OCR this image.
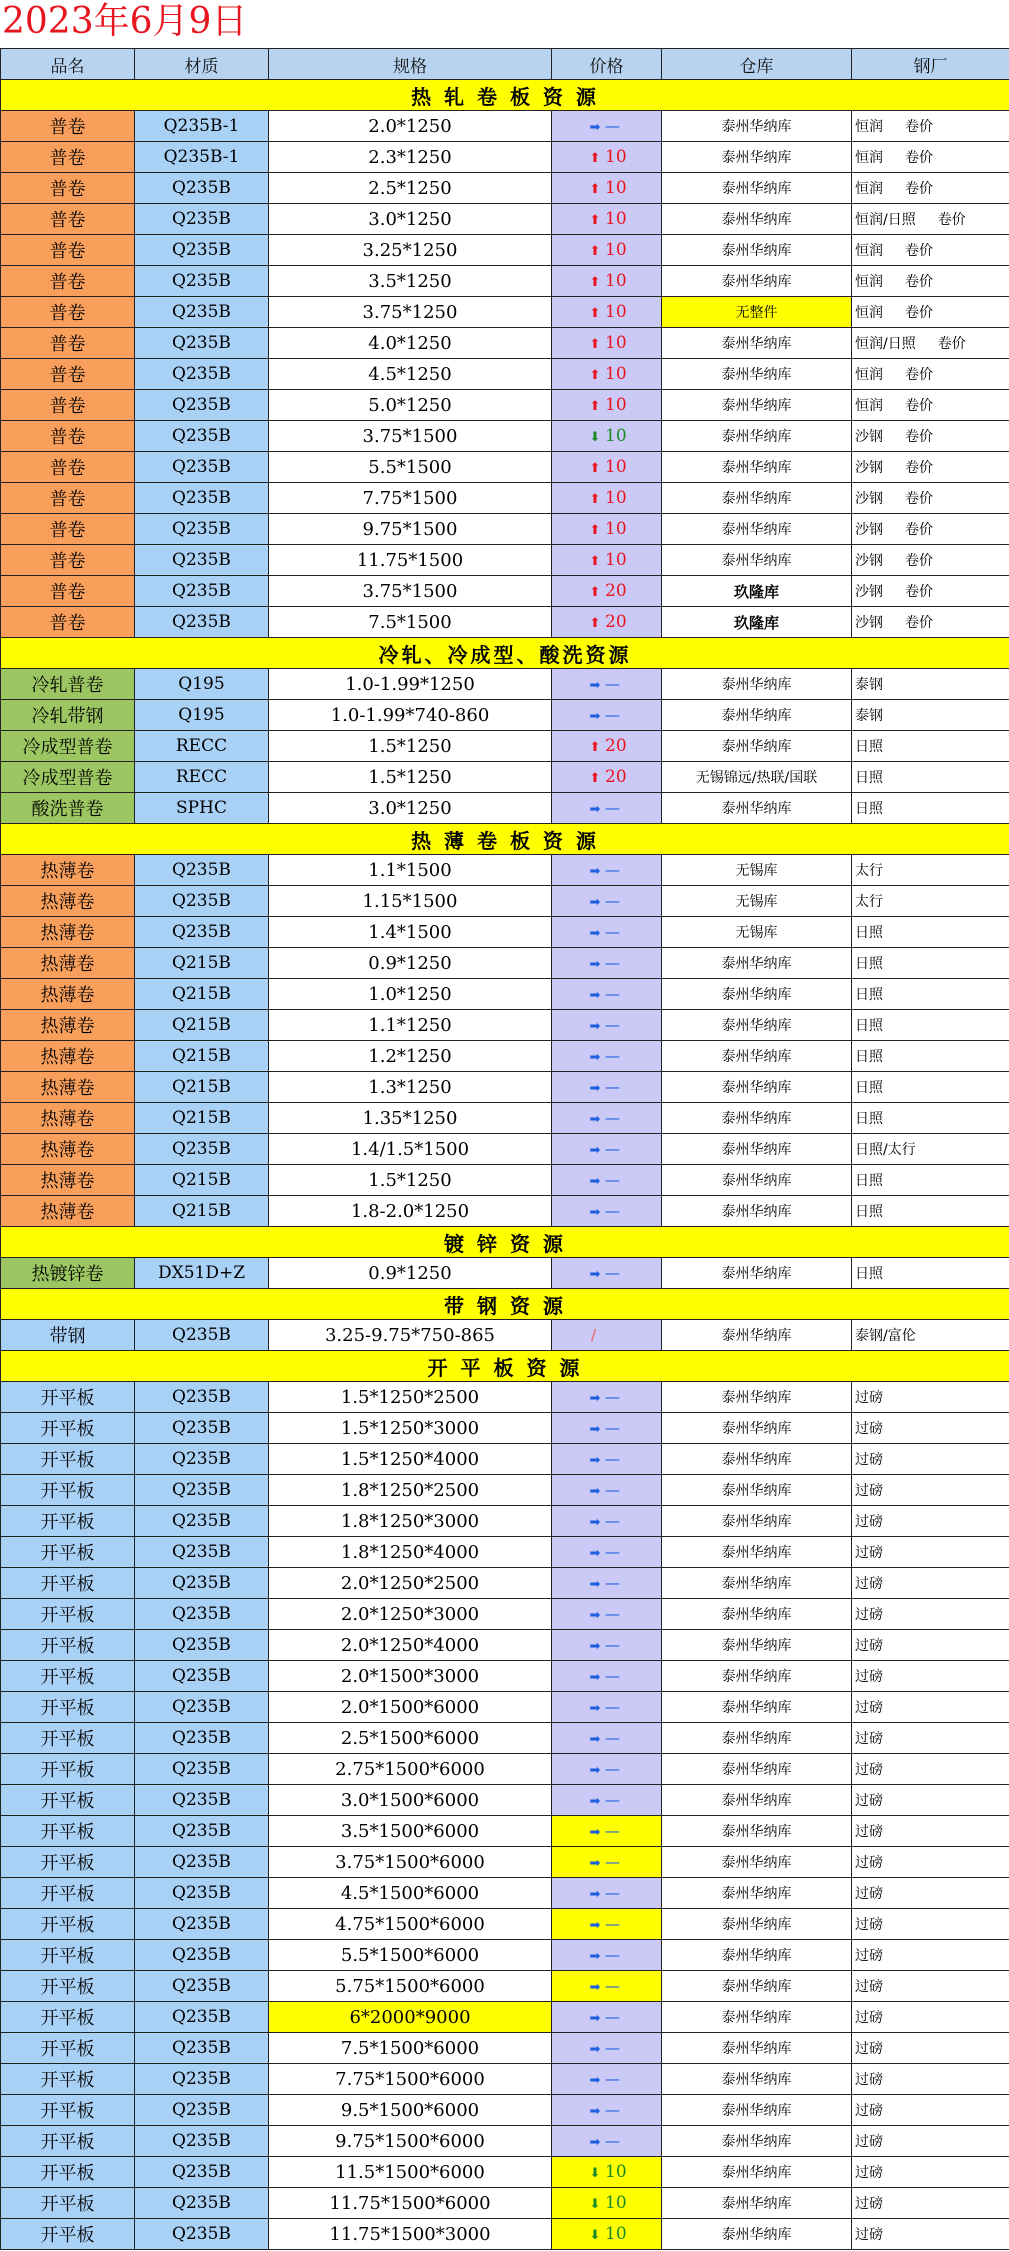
2023年6月9日
品名	材质	规格	价格	仓库	钢厂
热 轧 卷 板 资 源					
普卷	Q235B-1	2.0*1250	➡ —	泰州华纳库	恒润 卷价
普卷	Q235B-1	2.3*1250	⬆ 10	泰州华纳库	恒润 卷价
普卷	Q235B	2.5*1250	⬆ 10	泰州华纳库	恒润 卷价
普卷	Q235B	3.0*1250	⬆ 10	泰州华纳库	恒润/日照 卷价
普卷	Q235B	3.25*1250	⬆ 10	泰州华纳库	恒润 卷价
普卷	Q235B	3.5*1250	⬆ 10	泰州华纳库	恒润 卷价
普卷	Q235B	3.75*1250	⬆ 10	无整件	恒润 卷价
普卷	Q235B	4.0*1250	⬆ 10	泰州华纳库	恒润/日照 卷价
普卷	Q235B	4.5*1250	⬆ 10	泰州华纳库	恒润 卷价
普卷	Q235B	5.0*1250	⬆ 10	泰州华纳库	恒润 卷价
普卷	Q235B	3.75*1500	⬇ 10	泰州华纳库	沙钢 卷价
普卷	Q235B	5.5*1500	⬆ 10	泰州华纳库	沙钢 卷价
普卷	Q235B	7.75*1500	⬆ 10	泰州华纳库	沙钢 卷价
普卷	Q235B	9.75*1500	⬆ 10	泰州华纳库	沙钢 卷价
普卷	Q235B	11.75*1500	⬆ 10	泰州华纳库	沙钢 卷价
普卷	Q235B	3.75*1500	⬆ 20	玖隆库	沙钢 卷价
普卷	Q235B	7.5*1500	⬆ 20	玖隆库	沙钢 卷价
冷轧、冷成型、酸洗资源					
冷轧普卷	Q195	1.0-1.99*1250	➡ —	泰州华纳库	泰钢
冷轧带钢	Q195	1.0-1.99*740-860	➡ —	泰州华纳库	泰钢
冷成型普卷	RECC	1.5*1250	⬆ 20	泰州华纳库	日照
冷成型普卷	RECC	1.5*1250	⬆ 20	无锡锦远/热联/国联	日照
酸洗普卷	SPHC	3.0*1250	➡ —	泰州华纳库	日照
热 薄 卷 板 资 源					
热薄卷	Q235B	1.1*1500	➡ —	无锡库	太行
热薄卷	Q235B	1.15*1500	➡ —	无锡库	太行
热薄卷	Q235B	1.4*1500	➡ —	无锡库	日照
热薄卷	Q215B	0.9*1250	➡ —	泰州华纳库	日照
热薄卷	Q215B	1.0*1250	➡ —	泰州华纳库	日照
热薄卷	Q215B	1.1*1250	➡ —	泰州华纳库	日照
热薄卷	Q215B	1.2*1250	➡ —	泰州华纳库	日照
热薄卷	Q215B	1.3*1250	➡ —	泰州华纳库	日照
热薄卷	Q215B	1.35*1250	➡ —	泰州华纳库	日照
热薄卷	Q235B	1.4/1.5*1500	➡ —	泰州华纳库	日照/太行
热薄卷	Q215B	1.5*1250	➡ —	泰州华纳库	日照
热薄卷	Q215B	1.8-2.0*1250	➡ —	泰州华纳库	日照
镀 锌 资 源					
热镀锌卷	DX51D+Z	0.9*1250	➡ —	泰州华纳库	日照
带 钢 资 源					
带钢	Q235B	3.25-9.75*750-865	/	泰州华纳库	泰钢/富伦
开 平 板 资 源					
开平板	Q235B	1.5*1250*2500	➡ —	泰州华纳库	过磅
开平板	Q235B	1.5*1250*3000	➡ —	泰州华纳库	过磅
开平板	Q235B	1.5*1250*4000	➡ —	泰州华纳库	过磅
开平板	Q235B	1.8*1250*2500	➡ —	泰州华纳库	过磅
开平板	Q235B	1.8*1250*3000	➡ —	泰州华纳库	过磅
开平板	Q235B	1.8*1250*4000	➡ —	泰州华纳库	过磅
开平板	Q235B	2.0*1250*2500	➡ —	泰州华纳库	过磅
开平板	Q235B	2.0*1250*3000	➡ —	泰州华纳库	过磅
开平板	Q235B	2.0*1250*4000	➡ —	泰州华纳库	过磅
开平板	Q235B	2.0*1500*3000	➡ —	泰州华纳库	过磅
开平板	Q235B	2.0*1500*6000	➡ —	泰州华纳库	过磅
开平板	Q235B	2.5*1500*6000	➡ —	泰州华纳库	过磅
开平板	Q235B	2.75*1500*6000	➡ —	泰州华纳库	过磅
开平板	Q235B	3.0*1500*6000	➡ —	泰州华纳库	过磅
开平板	Q235B	3.5*1500*6000	➡ —	泰州华纳库	过磅
开平板	Q235B	3.75*1500*6000	➡ —	泰州华纳库	过磅
开平板	Q235B	4.5*1500*6000	➡ —	泰州华纳库	过磅
开平板	Q235B	4.75*1500*6000	➡ —	泰州华纳库	过磅
开平板	Q235B	5.5*1500*6000	➡ —	泰州华纳库	过磅
开平板	Q235B	5.75*1500*6000	➡ —	泰州华纳库	过磅
开平板	Q235B	6*2000*9000	➡ —	泰州华纳库	过磅
开平板	Q235B	7.5*1500*6000	➡ —	泰州华纳库	过磅
开平板	Q235B	7.75*1500*6000	➡ —	泰州华纳库	过磅
开平板	Q235B	9.5*1500*6000	➡ —	泰州华纳库	过磅
开平板	Q235B	9.75*1500*6000	➡ —	泰州华纳库	过磅
开平板	Q235B	11.5*1500*6000	⬇ 10	泰州华纳库	过磅
开平板	Q235B	11.75*1500*6000	⬇ 10	泰州华纳库	过磅
开平板	Q235B	11.75*1500*3000	⬇ 10	泰州华纳库	过磅
